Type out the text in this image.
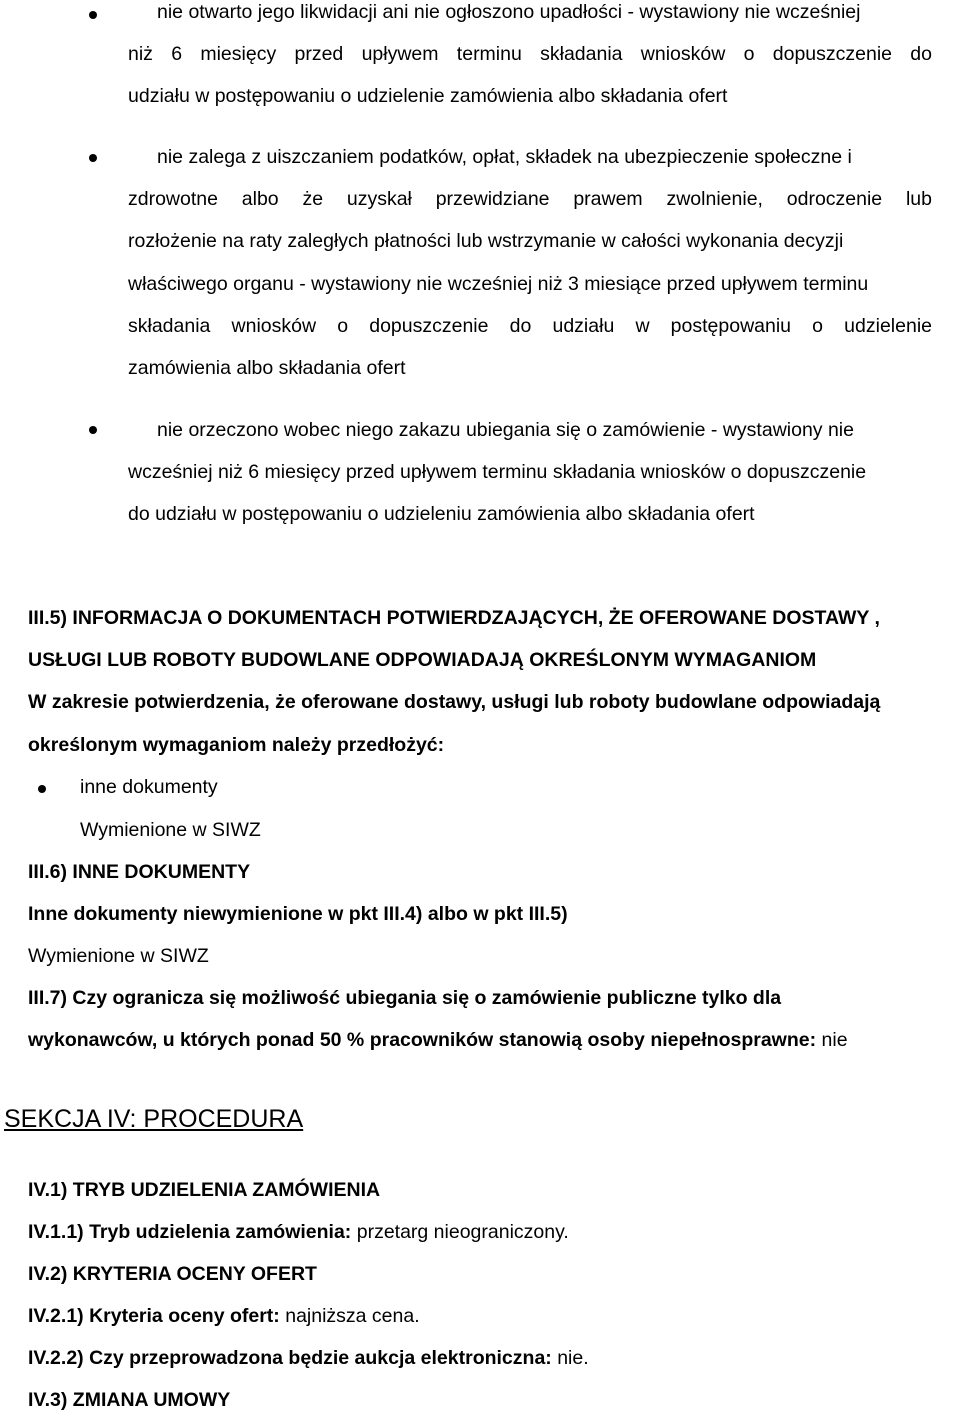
nie otwarto jego likwidacji ani nie ogłoszono upadłości - wystawiony nie wcześniej
niż 6 miesięcy przed upływem terminu składania wniosków o dopuszczenie do
udziału w postępowaniu o udzielenie zamówienia albo składania ofert
nie zalega z uiszczaniem podatków, opłat, składek na ubezpieczenie społeczne i
zdrowotne albo że uzyskał przewidziane prawem zwolnienie, odroczenie lub
rozłożenie na raty zaległych płatności lub wstrzymanie w całości wykonania decyzji
właściwego organu - wystawiony nie wcześniej niż 3 miesiące przed upływem terminu
składania wniosków o dopuszczenie do udziału w postępowaniu o udzielenie
zamówienia albo składania ofert
nie orzeczono wobec niego zakazu ubiegania się o zamówienie - wystawiony nie
wcześniej niż 6 miesięcy przed upływem terminu składania wniosków o dopuszczenie
do udziału w postępowaniu o udzieleniu zamówienia albo składania ofert
III.5) INFORMACJA O DOKUMENTACH POTWIERDZAJĄCYCH, ŻE OFEROWANE DOSTAWY ,
USŁUGI LUB ROBOTY BUDOWLANE ODPOWIADAJĄ OKREŚLONYM WYMAGANIOM
W zakresie potwierdzenia, że oferowane dostawy, usługi lub roboty budowlane odpowiadają
określonym wymaganiom należy przedłożyć:
inne dokumenty
Wymienione w SIWZ
III.6) INNE DOKUMENTY
Inne dokumenty niewymienione w pkt III.4) albo w pkt III.5)
Wymienione w SIWZ
III.7) Czy ogranicza się możliwość ubiegania się o zamówienie publiczne tylko dla
wykonawców, u których ponad 50 % pracowników stanowią osoby niepełnosprawne: nie
SEKCJA IV: PROCEDURA
IV.1) TRYB UDZIELENIA ZAMÓWIENIA
IV.1.1) Tryb udzielenia zamówienia: przetarg nieograniczony.
IV.2) KRYTERIA OCENY OFERT
IV.2.1) Kryteria oceny ofert: najniższa cena.
IV.2.2) Czy przeprowadzona będzie aukcja elektroniczna: nie.
IV.3) ZMIANA UMOWY
